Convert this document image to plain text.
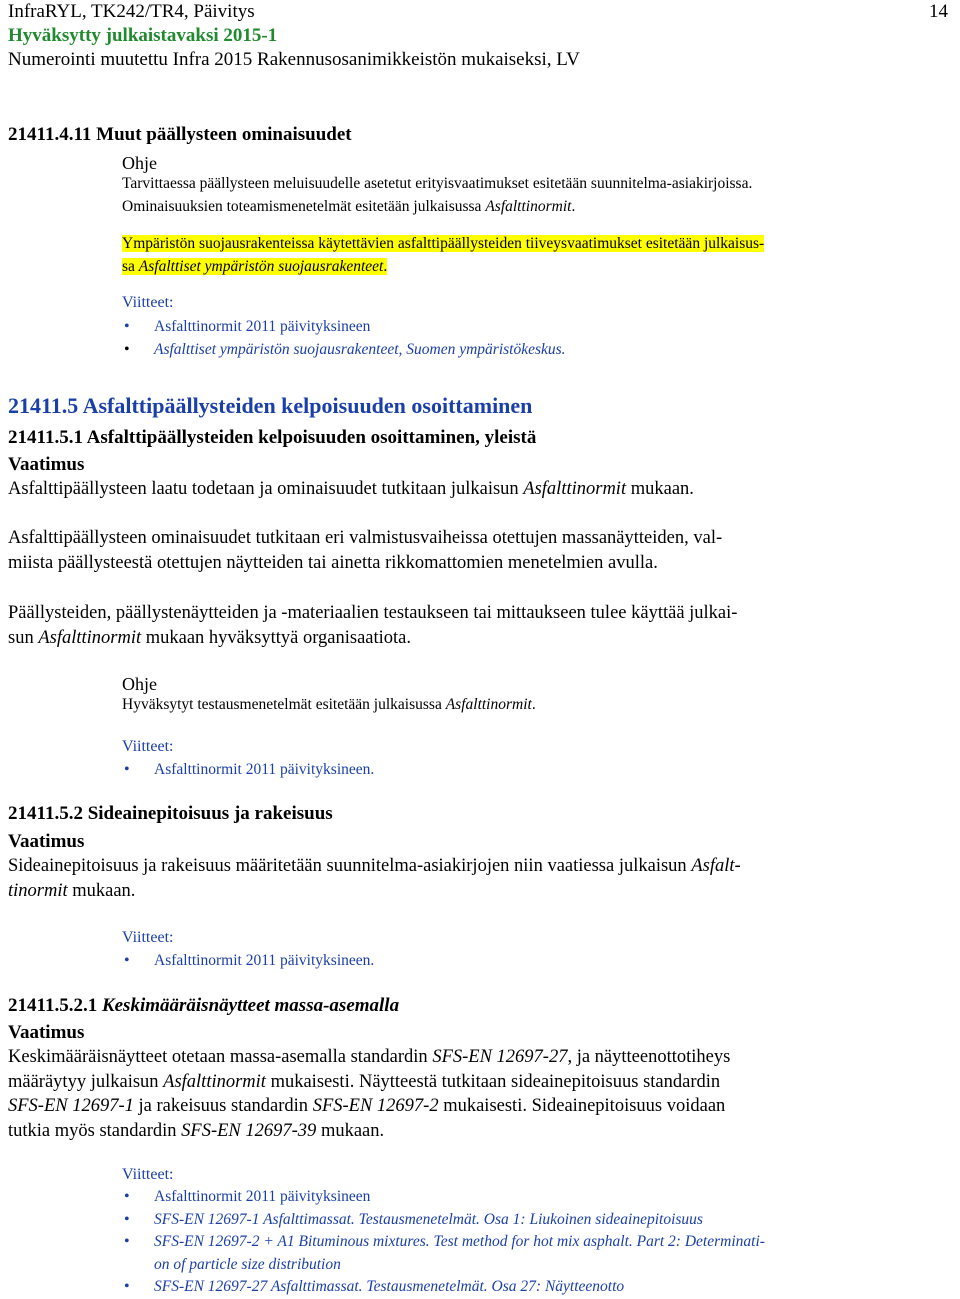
InfraRYL, TK242/TR4, Päivitys
Hyväksytty julkaistavaksi 2015-1
Numerointi muutettu Infra 2015 Rakennusosanimikkeistön mukaiseksi, LV
14
21411.4.11 Muut päällysteen ominaisuudet
Ohje
Tarvittaessa päällysteen meluisuudelle asetetut erityisvaatimukset esitetään suunnitelma-asiakirjoissa.
Ominaisuuksien toteamismenetelmät esitetään julkaisussa Asfalttinormit.
Ympäristön suojausrakenteissa käytettävien asfalttipäällysteiden tiiveysvaatimukset esitetään julkaisus-
sa Asfalttiset ympäristön suojausrakenteet.
Viitteet:
• Asfalttinormit 2011 päivityksineen
• Asfalttiset ympäristön suojausrakenteet, Suomen ympäristökeskus.
21411.5 Asfalttipäällysteiden kelpoisuuden osoittaminen
21411.5.1 Asfalttipäällysteiden kelpoisuuden osoittaminen, yleistä
Vaatimus
Asfalttipäällysteen laatu todetaan ja ominaisuudet tutkitaan julkaisun Asfalttinormit mukaan.
Asfalttipäällysteen ominaisuudet tutkitaan eri valmistusvaiheissa otettujen massanäytteiden, val-
miista päällysteestä otettujen näytteiden tai ainetta rikkomattomien menetelmien avulla.
Päällysteiden, päällystenäytteiden ja -materiaalien testaukseen tai mittaukseen tulee käyttää julkai-
sun Asfalttinormit mukaan hyväksyttyä organisaatiota.
Ohje
Hyväksytyt testausmenetelmät esitetään julkaisussa Asfalttinormit.
Viitteet:
• Asfalttinormit 2011 päivityksineen.
21411.5.2 Sideainepitoisuus ja rakeisuus
Vaatimus
Sideainepitoisuus ja rakeisuus määritetään suunnitelma-asiakirjojen niin vaatiessa julkaisun Asfalt-
tinormit mukaan.
Viitteet:
• Asfalttinormit 2011 päivityksineen.
21411.5.2.1 Keskimääräisnäytteet massa-asemalla
Vaatimus
Keskimääräisnäytteet otetaan massa-asemalla standardin SFS-EN 12697-27, ja näytteenottotiheys
määräytyy julkaisun Asfalttinormit mukaisesti. Näytteestä tutkitaan sideainepitoisuus standardin
SFS-EN 12697-1 ja rakeisuus standardin SFS-EN 12697-2 mukaisesti. Sideainepitoisuus voidaan
tutkia myös standardin SFS-EN 12697-39 mukaan.
Viitteet:
• Asfalttinormit 2011 päivityksineen
• SFS-EN 12697-1 Asfalttimassat. Testausmenetelmät. Osa 1: Liukoinen sideainepitoisuus
• SFS-EN 12697-2 + A1 Bituminous mixtures. Test method for hot mix asphalt. Part 2: Determinati-
on of particle size distribution
• SFS-EN 12697-27 Asfalttimassat. Testausmenetelmät. Osa 27: Näytteenotto
